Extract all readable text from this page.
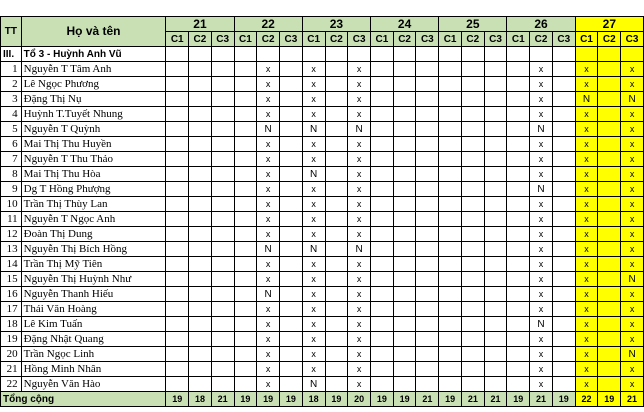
TT	Họ và tên	21			22			23			24			25			26			27		
		C1	C2	C3	C1	C2	C3	C1	C2	C3	C1	C2	C3	C1	C2	C3	C1	C2	C3	C1	C2	C3
III.	Tổ 3 - Huỳnh Anh Vũ																					
1	Nguyễn T Tâm Anh					x		x		x								x		x		x
2	Lê Ngọc Phương					x		x		x								x		x		x
3	Đặng Thị Nụ					x		x		x								x		N		N
4	Huỳnh T.Tuyết Nhung					x		x		x								x		x		x
5	Nguyễn T Quỳnh					N		N		N								N		x		x
6	Mai Thị Thu Huyền					x		x		x								x		x		x
7	Nguyễn T Thu Thảo					x		x		x								x		x		x
8	Mai Thị Thu Hòa					x		N		x								x		x		x
9	Dg T Hồng Phượng					x		x		x								N		x		x
10	Trần Thị Thùy Lan					x		x		x								x		x		x
11	Nguyễn T Ngọc Anh					x		x		x								x		x		x
12	Đoàn Thị Dung					x		x		x								x		x		x
13	Nguyễn Thị Bích Hồng					N		N		N								x		x		x
14	Trần Thị Mỹ Tiên					x		x		x								x		x		x
15	Nguyễn Thị Huỳnh Như					x		x		x								x		x		N
16	Nguyễn Thanh Hiếu					N		x		x								x		x		x
17	Thái Văn Hoàng					x		x		x								x		x		x
18	Lê Kim Tuấn					x		x		x								N		x		x
19	Đặng Nhật Quang					x		x		x								x		x		x
20	Trần Ngọc Linh					x		x		x								x		x		N
21	Hồng Minh Nhân					x		x		x								x		x		x
22	Nguyễn Văn Hào					x		N		x								x		x		x
Tổng cộng		19	18	21	19	19	19	18	19	20	19	19	21	19	21	21	19	21	19	22	19	21
